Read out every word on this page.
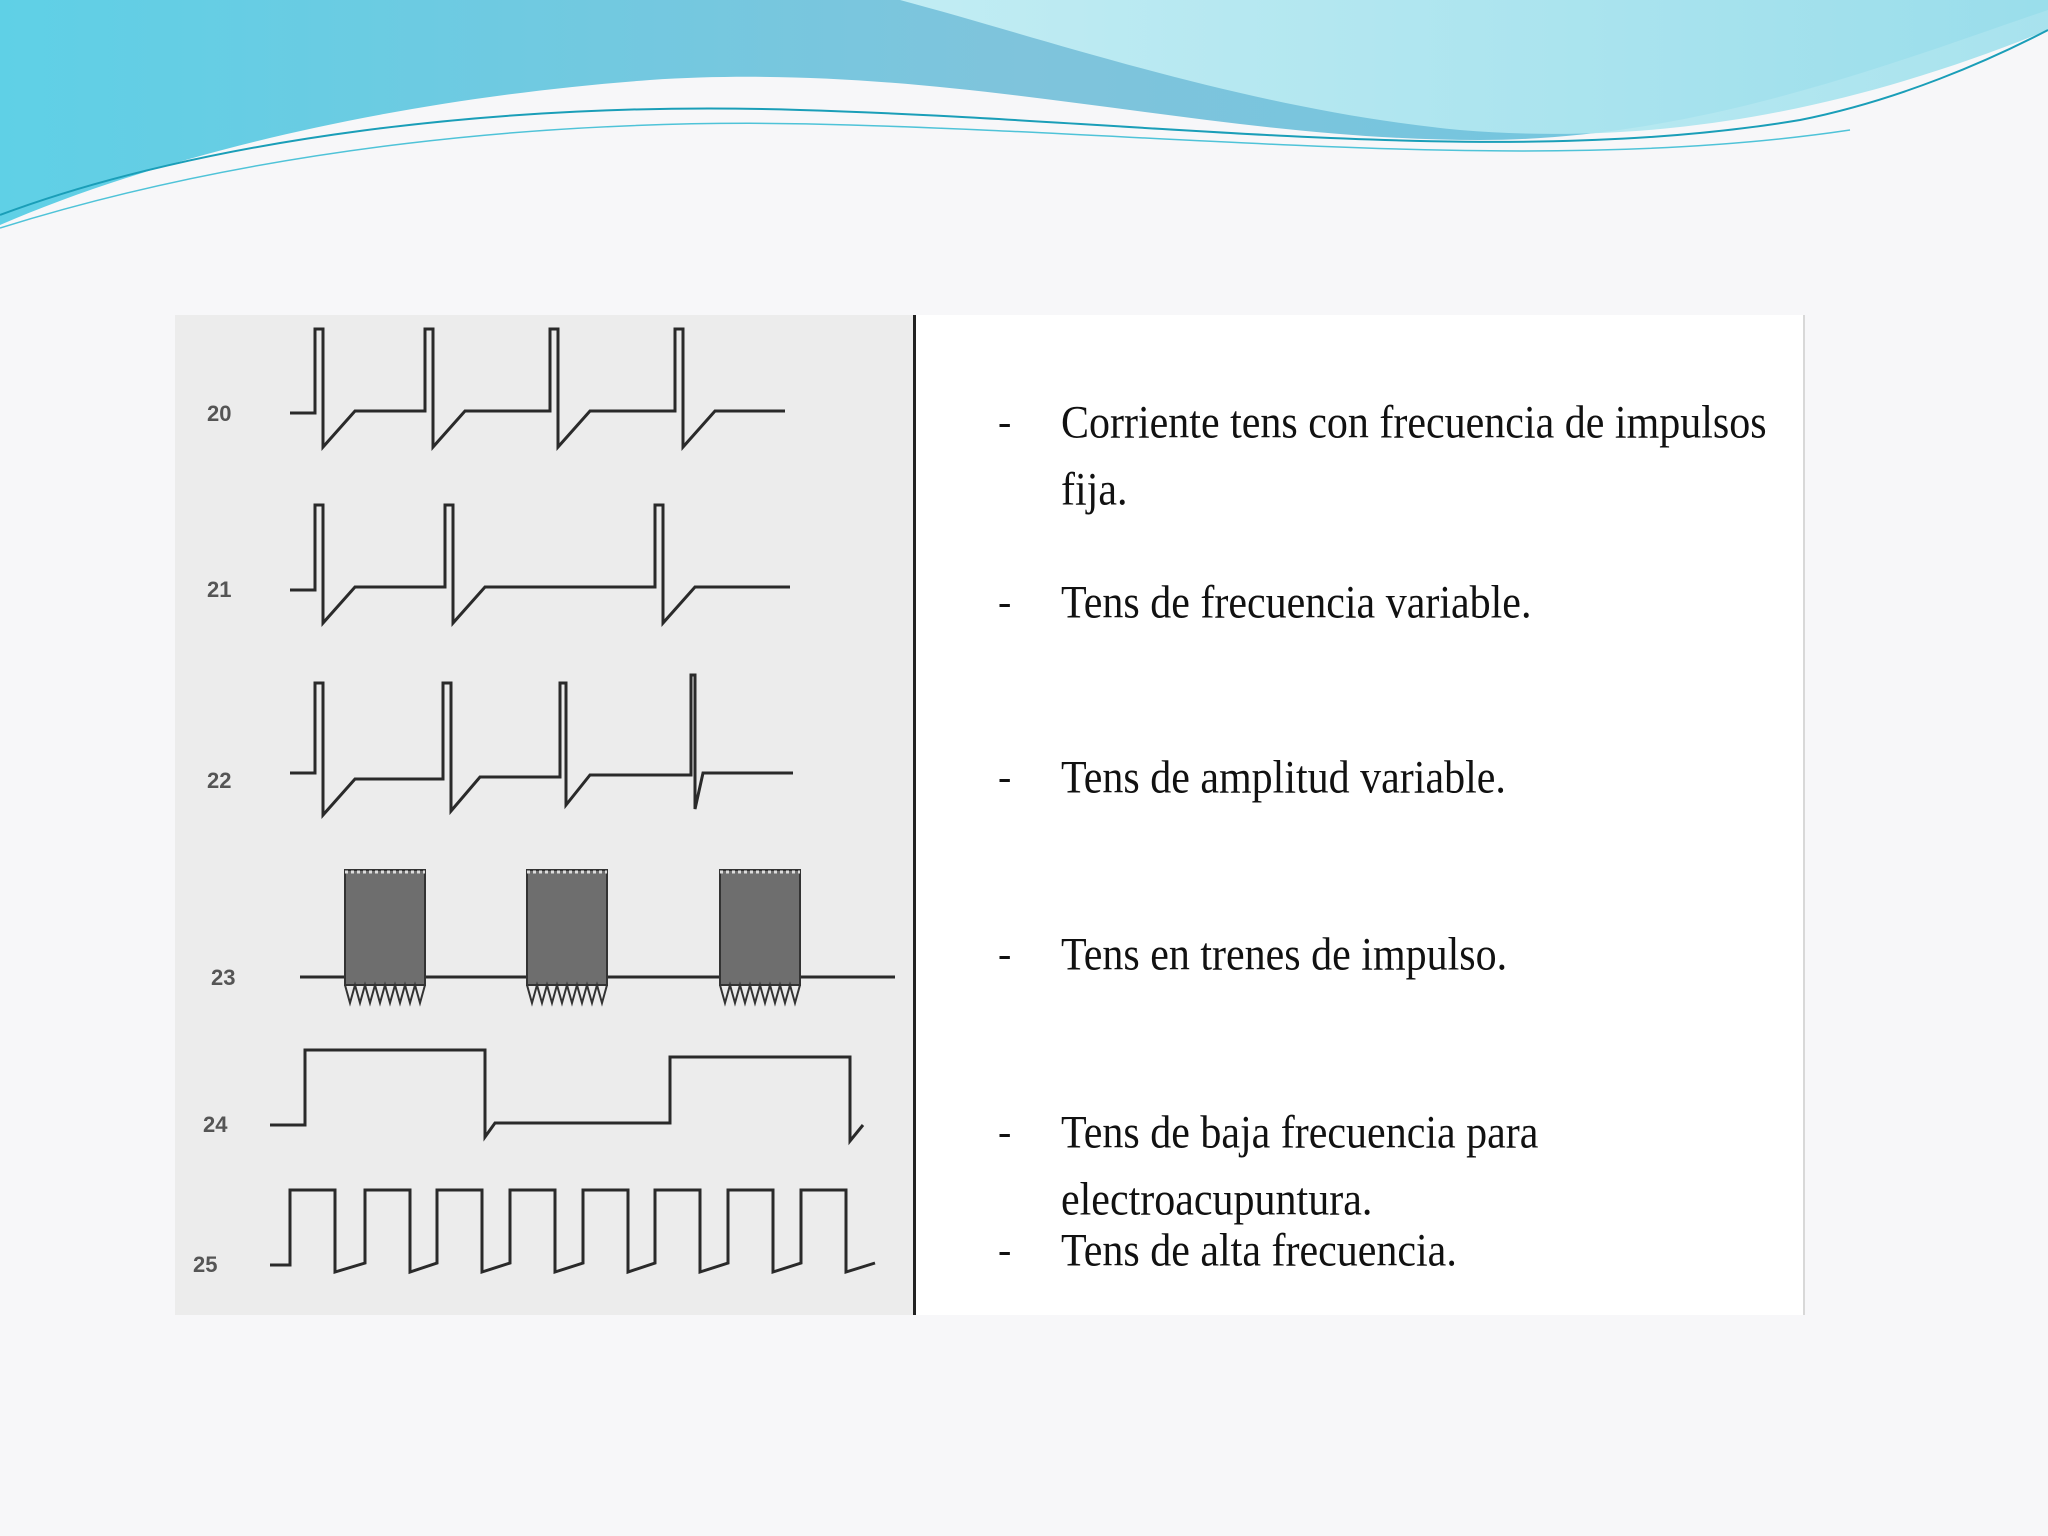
20
21
22
23
24
25
- Corriente tens con frecuencia de impulsos fija.
- Tens de frecuencia variable.
- Tens de amplitud variable.
- Tens en trenes de impulso.
- Tens de baja frecuencia para electroacupuntura.
- Tens de alta frecuencia.
